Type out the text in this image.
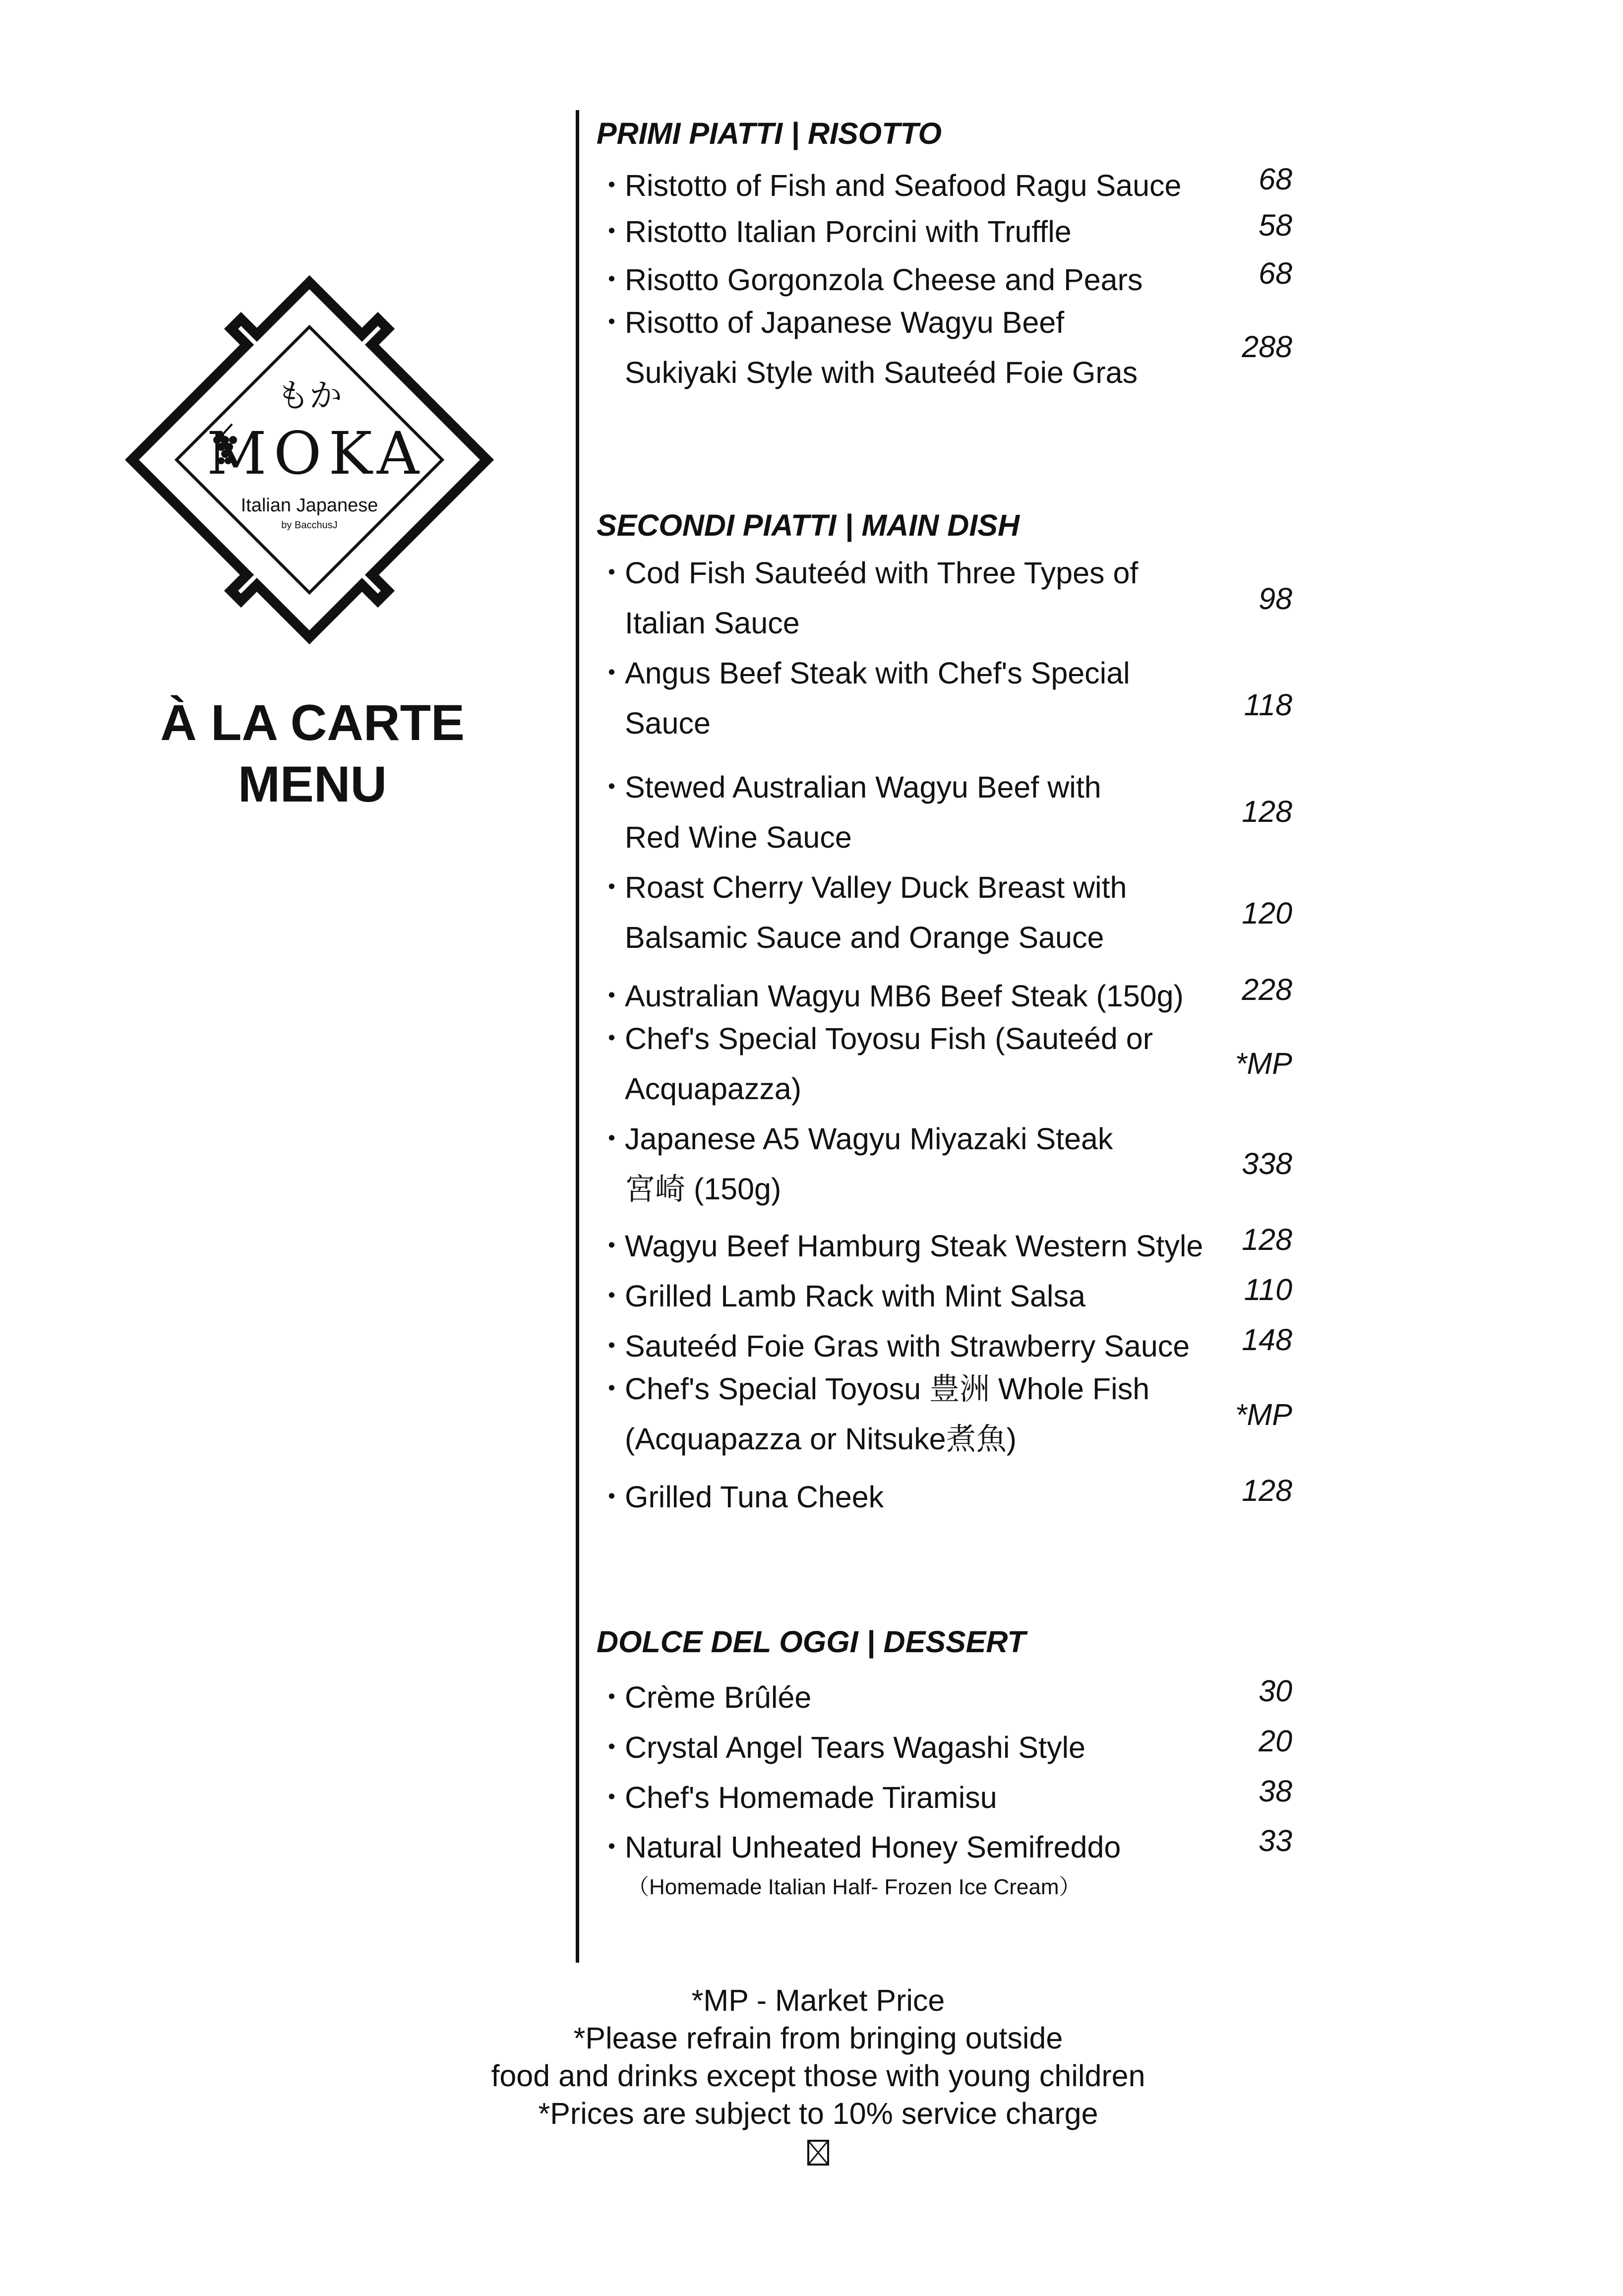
もか
MOKA
Italian Japanese
by BacchusJ
À LA CARTE
MENU
PRIMI PIATTI | RISOTTO
・Ristotto of Fish and Seafood Ragu Sauce	68
・Ristotto Italian Porcini with Truffle	58
・Risotto Gorgonzola Cheese and Pears	68
・Risotto of Japanese Wagyu Beef
Sukiyaki Style with Sauteéd Foie Gras
288
SECONDI PIATTI | MAIN DISH
・Cod Fish Sauteéd with Three Types of
Italian Sauce
98
・Angus Beef Steak with Chef's Special
Sauce
118
・Stewed Australian Wagyu Beef with
Red Wine Sauce
128
・Roast Cherry Valley Duck Breast with
Balsamic Sauce and Orange Sauce
120
・Australian Wagyu MB6 Beef Steak (150g) 228
・Chef's Special Toyosu Fish (Sauteéd or
Acquapazza)
*MP
・Japanese A5 Wagyu Miyazaki Steak
宮崎 (150g)
338
・Wagyu Beef Hamburg Steak Western Style 128
・Grilled Lamb Rack with Mint Salsa	110
・Sauteéd Foie Gras with Strawberry Sauce 148
・Chef's Special Toyosu 豊洲 Whole Fish
(Acquapazza or Nitsuke煮魚)
*MP
・Grilled Tuna Cheek	128
DOLCE DEL OGGI | DESSERT
・Crème Brûlée	30
・Crystal Angel Tears Wagashi Style	20
・Chef's Homemade Tiramisu	38
・Natural Unheated Honey Semifreddo	33
（Homemade Italian Half- Frozen Ice Cream）
*MP - Market Price
*Please refrain from bringing outside
food and drinks except those with young children
*Prices are subject to 10% service charge
